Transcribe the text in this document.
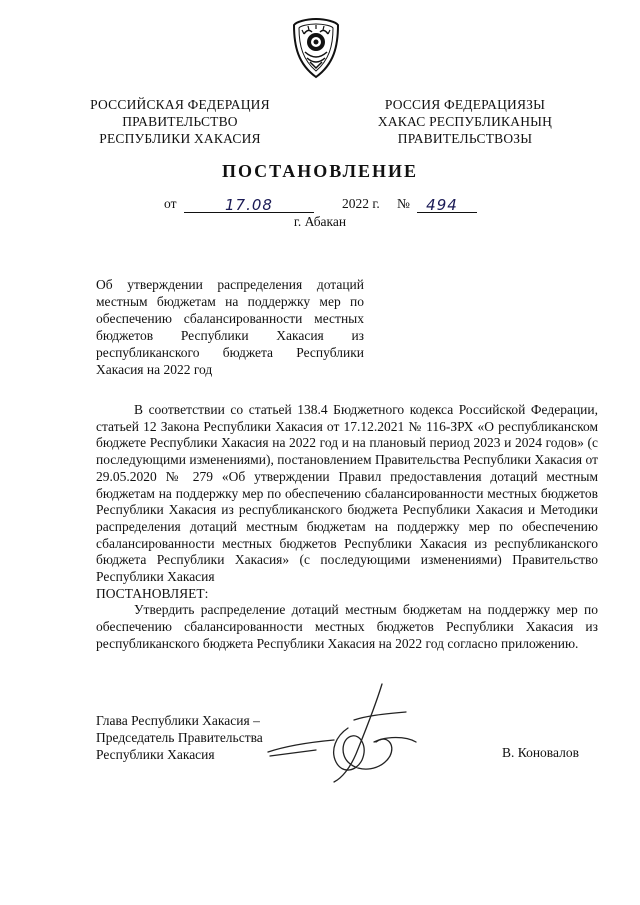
РОССИЙСКАЯ ФЕДЕРАЦИЯ
ПРАВИТЕЛЬСТВО
РЕСПУБЛИКИ ХАКАСИЯ
РОССИЯ ФЕДЕРАЦИЯЗЫ
ХАКАС РЕСПУБЛИКАНЫҢ
ПРАВИТЕЛЬСТВОЗЫ
ПОСТАНОВЛЕНИЕ
от	17.08	2022 г. №	494
г. Абакан
Об утверждении распределения дотаций местным бюджетам на поддержку мер по обеспечению сбалансированности местных бюджетов Республики Хакасия из республиканского бюджета Республики Хакасия на 2022 год

В соответствии со статьей 138.4 Бюджетного кодекса Российской Федерации, статьей 12 Закона Республики Хакасия от 17.12.2021 № 116-ЗРХ «О республиканском бюджете Республики Хакасия на 2022 год и на плановый период 2023 и 2024 годов» (с последующими изменениями), постановлением Правительства Республики Хакасия от 29.05.2020 № 279 «Об утверждении Правил предоставления дотаций местным бюджетам на поддержку мер по обеспечению сбалансированности местных бюджетов Республики Хакасия из республиканского бюджета Республики Хакасия и Методики распределения дотаций местным бюджетам на поддержку мер по обеспечению сбалансированности местных бюджетов Республики Хакасия из республиканского бюджета Республики Хакасия» (с последующими изменениями) Правительство Республики Хакасия

ПОСТАНОВЛЯЕТ:

Утвердить распределение дотаций местным бюджетам на поддержку мер по обеспечению сбалансированности местных бюджетов Республики Хакасия из республиканского бюджета Республики Хакасия на 2022 год согласно приложению.

Глава Республики Хакасия –
Председатель Правительства
Республики Хакасия	В. Коновалов
